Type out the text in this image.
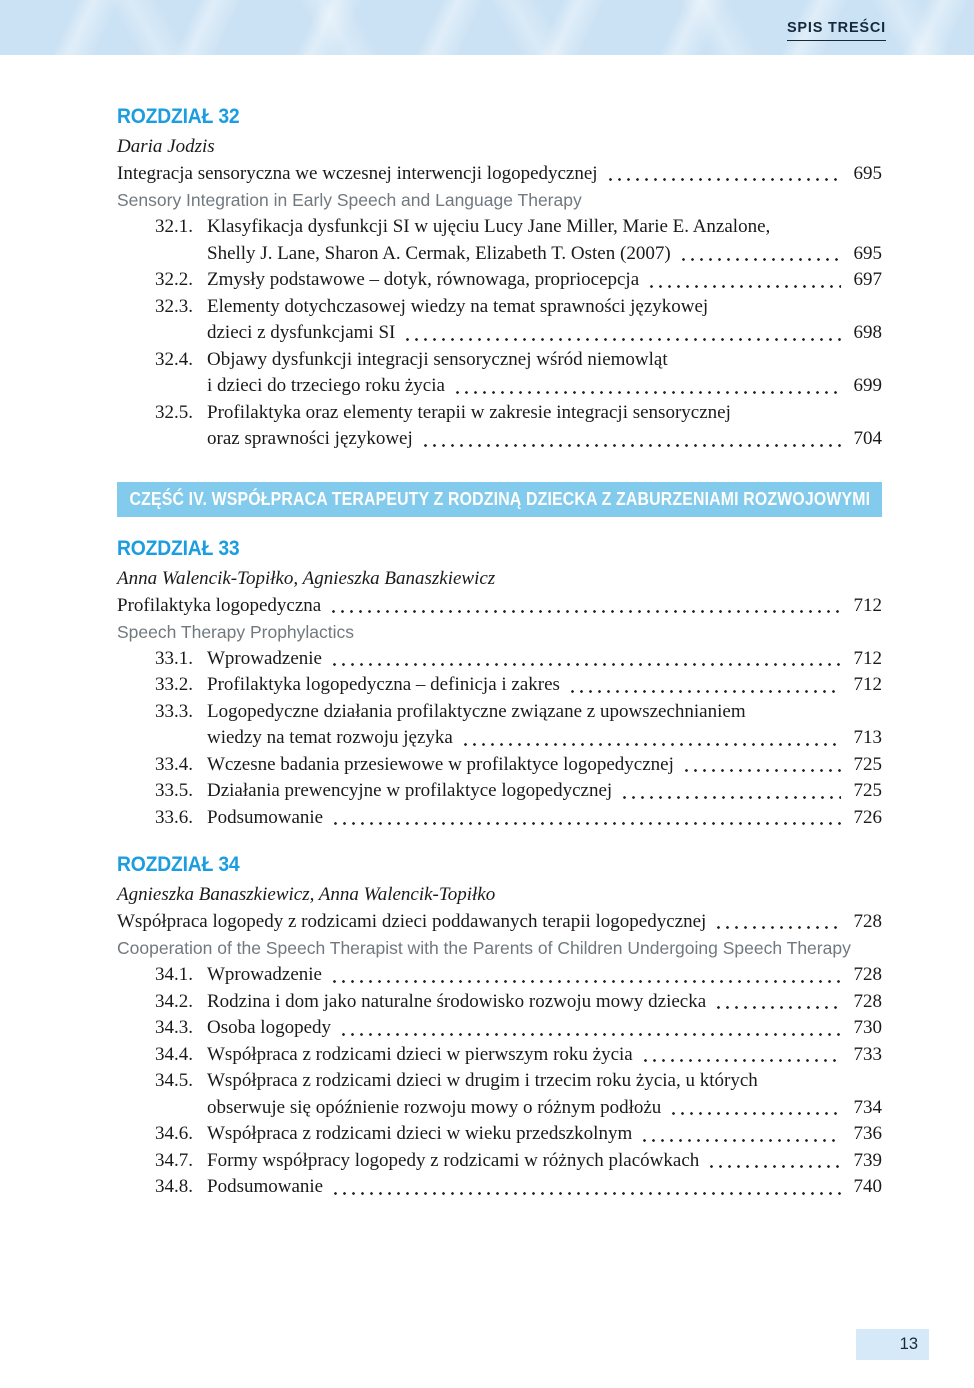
SPIS TREŚCI
ROZDZIAŁ 32

Daria Jodzis

Integracja sensoryczna we wczesnej interwencji logopedycznej	695

Sensory Integration in Early Speech and Language Therapy

32.1. Klasyfikacja dysfunkcji SI w ujęciu Lucy Jane Miller, Marie E. Anzalone,
Shelly J. Lane, Sharon A. Cermak, Elizabeth T. Osten (2007)	695
32.2. Zmysły podstawowe – dotyk, równowaga, propriocepcja	697
32.3. Elementy dotychczasowej wiedzy na temat sprawności językowej
dzieci z dysfunkcjami SI	698
32.4. Objawy dysfunkcji integracji sensorycznej wśród niemowląt
i dzieci do trzeciego roku życia	699
32.5. Profilaktyka oraz elementy terapii w zakresie integracji sensorycznej
oraz sprawności językowej	704
CZĘŚĆ IV. WSPÓŁPRACA TERAPEUTY Z RODZINĄ DZIECKA Z ZABURZENIAMI ROZWOJOWYMI
ROZDZIAŁ 33

Anna Walencik-Topiłko, Agnieszka Banaszkiewicz

Profilaktyka logopedyczna	712

Speech Therapy Prophylactics

33.1. Wprowadzenie	712
33.2. Profilaktyka logopedyczna – definicja i zakres	712
33.3. Logopedyczne działania profilaktyczne związane z upowszechnianiem
wiedzy na temat rozwoju języka	713
33.4. Wczesne badania przesiewowe w profilaktyce logopedycznej	725
33.5. Działania prewencyjne w profilaktyce logopedycznej	725
33.6. Podsumowanie	726
ROZDZIAŁ 34

Agnieszka Banaszkiewicz, Anna Walencik-Topiłko

Współpraca logopedy z rodzicami dzieci poddawanych terapii logopedycznej	728

Cooperation of the Speech Therapist with the Parents of Children Undergoing Speech Therapy

34.1. Wprowadzenie	728
34.2. Rodzina i dom jako naturalne środowisko rozwoju mowy dziecka	728
34.3. Osoba logopedy	730
34.4. Współpraca z rodzicami dzieci w pierwszym roku życia	733
34.5. Współpraca z rodzicami dzieci w drugim i trzecim roku życia, u których
obserwuje się opóźnienie rozwoju mowy o różnym podłożu	734
34.6. Współpraca z rodzicami dzieci w wieku przedszkolnym	736
34.7. Formy współpracy logopedy z rodzicami w różnych placówkach	739
34.8. Podsumowanie	740
13
